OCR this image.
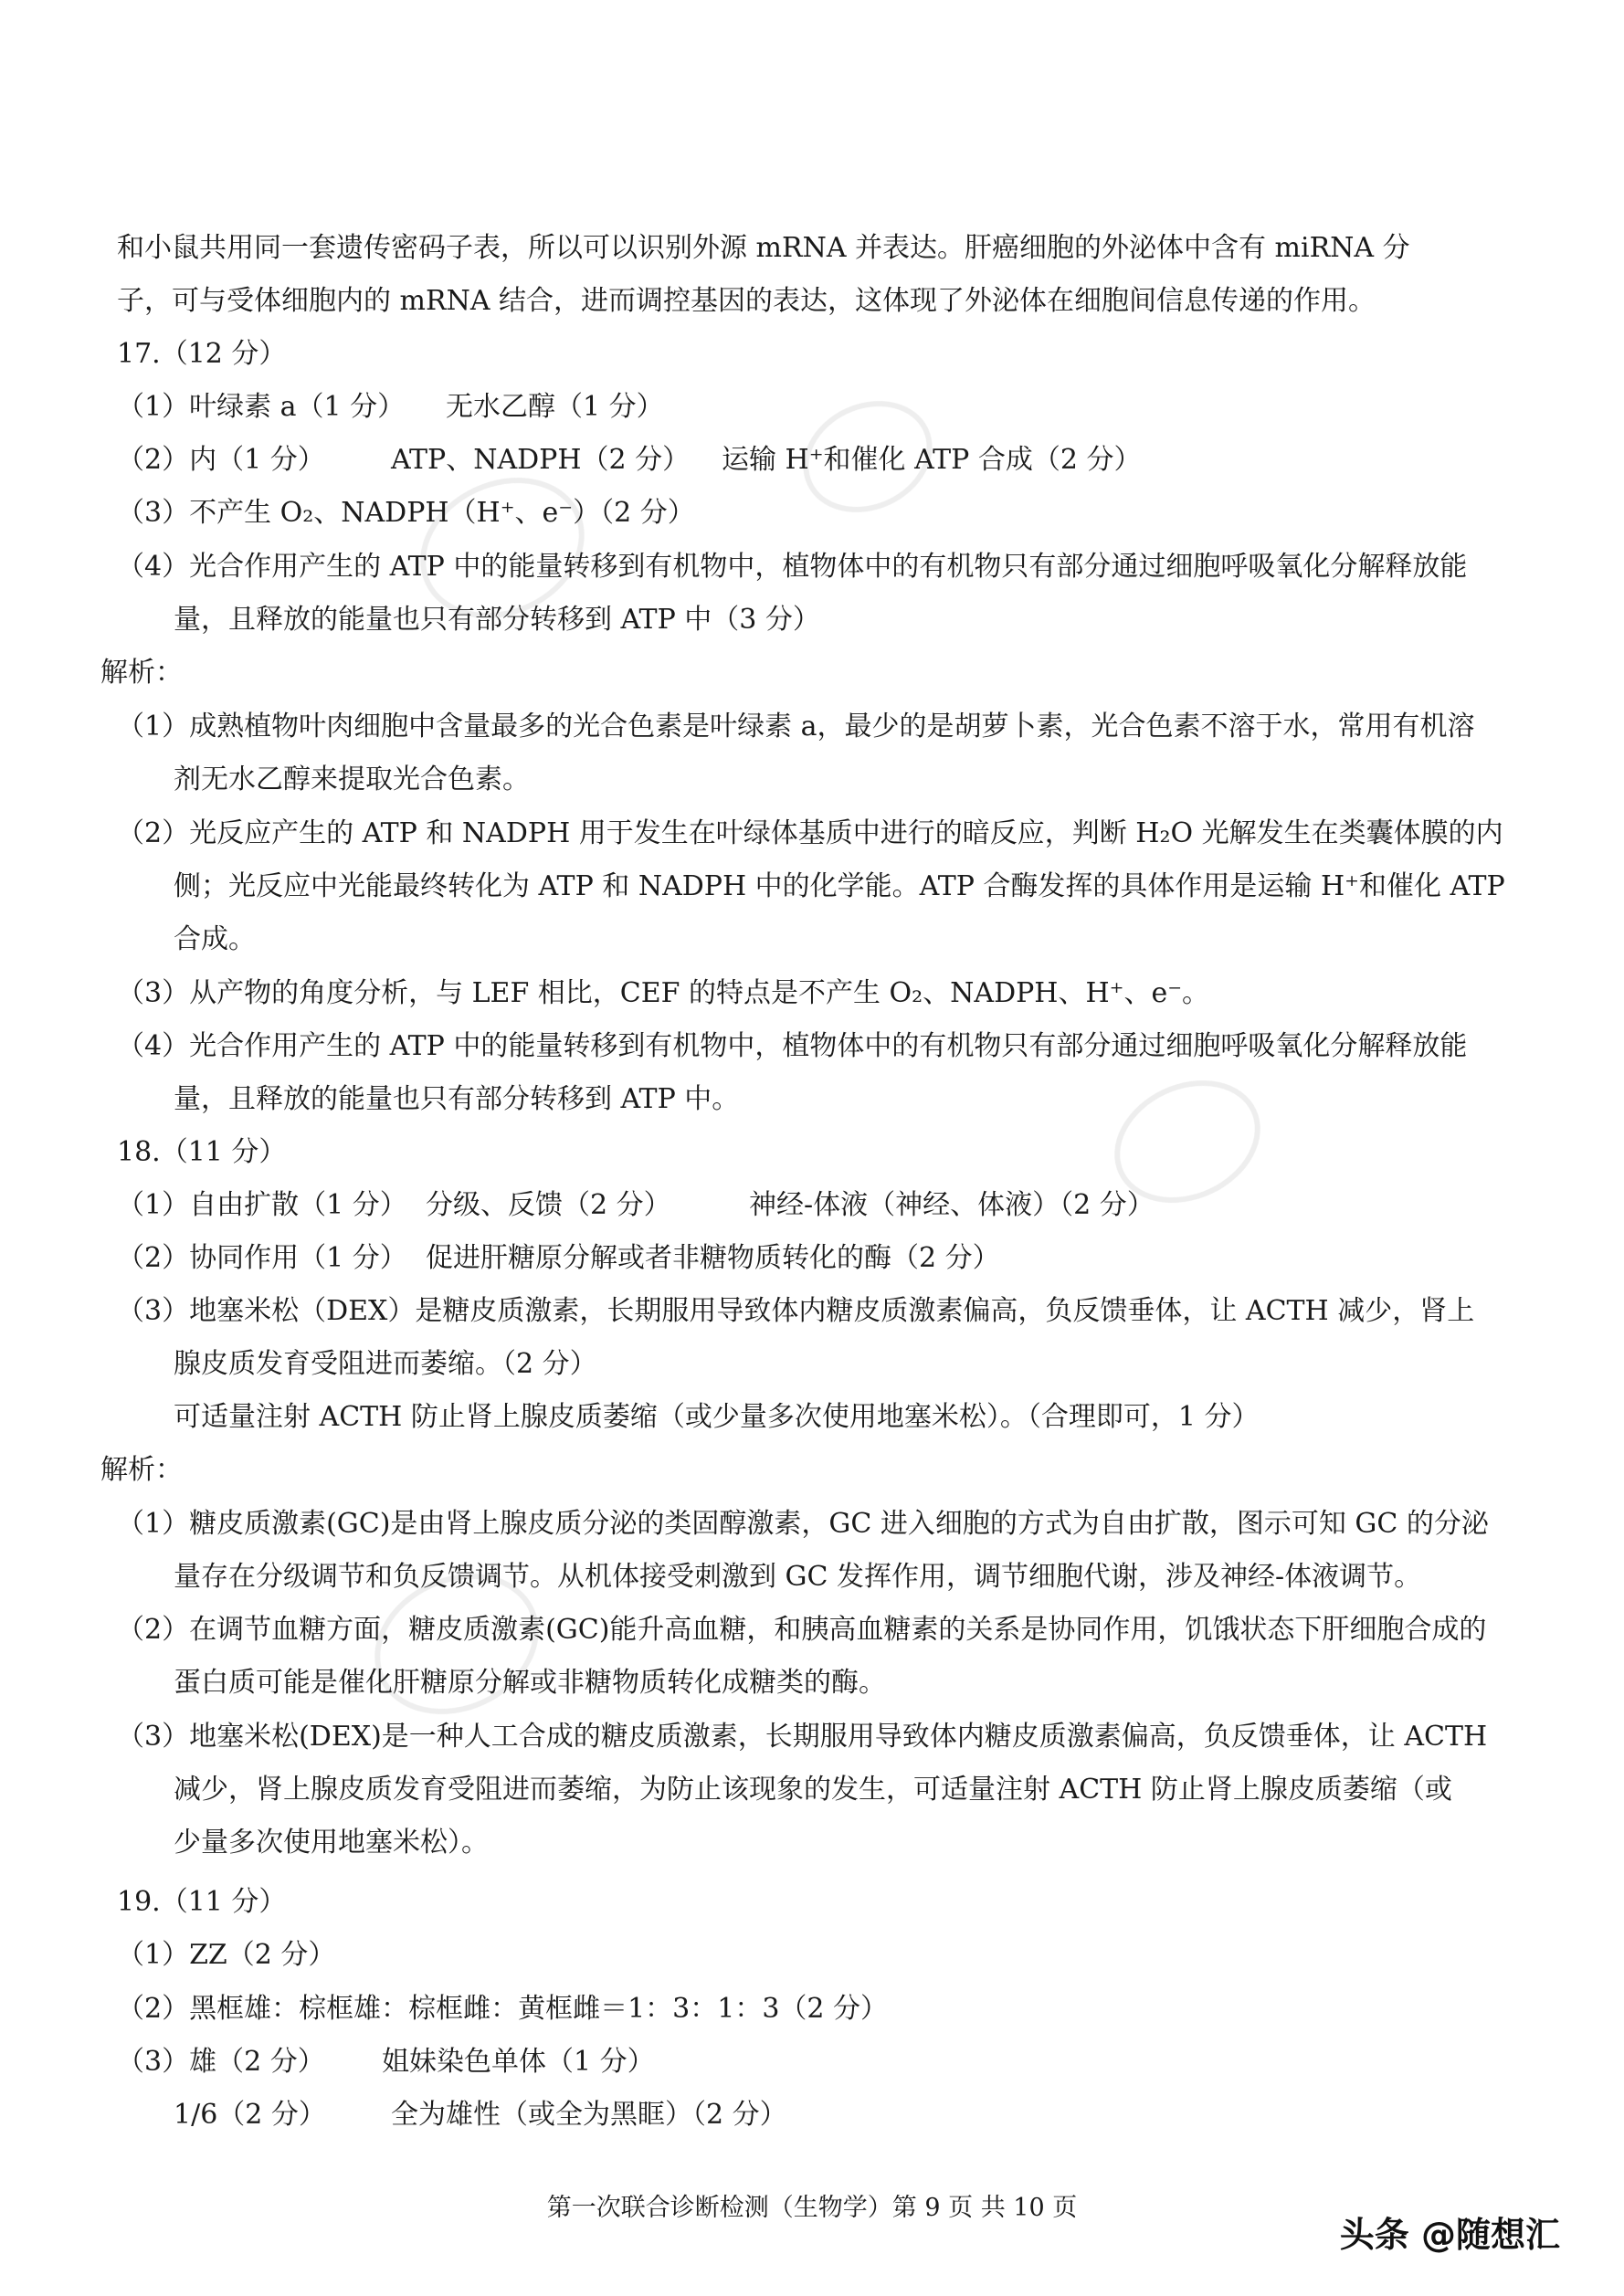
和小鼠共用同一套遗传密码子表，所以可以识别外源 mRNA 并表达。肝癌细胞的外泌体中含有 miRNA 分
子，可与受体细胞内的 mRNA 结合，进而调控基因的表达，这体现了外泌体在细胞间信息传递的作用。
17.（12 分）
（1）叶绿素 a（1 分） 无水乙醇（1 分）
（2）内（1 分） ATP、NADPH（2 分） 运输 H⁺和催化 ATP 合成（2 分）
（3）不产生 O₂、NADPH（H⁺、e⁻）（2 分）
（4）光合作用产生的 ATP 中的能量转移到有机物中，植物体中的有机物只有部分通过细胞呼吸氧化分解释放能
量，且释放的能量也只有部分转移到 ATP 中（3 分）
解析：
（1）成熟植物叶肉细胞中含量最多的光合色素是叶绿素 a，最少的是胡萝卜素，光合色素不溶于水，常用有机溶
剂无水乙醇来提取光合色素。
（2）光反应产生的 ATP 和 NADPH 用于发生在叶绿体基质中进行的暗反应，判断 H₂O 光解发生在类囊体膜的内
侧；光反应中光能最终转化为 ATP 和 NADPH 中的化学能。ATP 合酶发挥的具体作用是运输 H⁺和催化 ATP
合成。
（3）从产物的角度分析，与 LEF 相比，CEF 的特点是不产生 O₂、NADPH、H⁺、e⁻。
（4）光合作用产生的 ATP 中的能量转移到有机物中，植物体中的有机物只有部分通过细胞呼吸氧化分解释放能
量，且释放的能量也只有部分转移到 ATP 中。
18.（11 分）
（1）自由扩散（1 分） 分级、反馈（2 分）	神经-体液（神经、体液）（2 分）
（2）协同作用（1 分） 促进肝糖原分解或者非糖物质转化的酶（2 分）
（3）地塞米松（DEX）是糖皮质激素，长期服用导致体内糖皮质激素偏高，负反馈垂体，让 ACTH 减少，肾上
腺皮质发育受阻进而萎缩。（2 分）
可适量注射 ACTH 防止肾上腺皮质萎缩（或少量多次使用地塞米松）。（合理即可，1 分）
解析：
（1）糖皮质激素(GC)是由肾上腺皮质分泌的类固醇激素，GC 进入细胞的方式为自由扩散，图示可知 GC 的分泌
量存在分级调节和负反馈调节。从机体接受刺激到 GC 发挥作用，调节细胞代谢，涉及神经-体液调节。
（2）在调节血糖方面，糖皮质激素(GC)能升高血糖，和胰高血糖素的关系是协同作用，饥饿状态下肝细胞合成的
蛋白质可能是催化肝糖原分解或非糖物质转化成糖类的酶。
（3）地塞米松(DEX)是一种人工合成的糖皮质激素，长期服用导致体内糖皮质激素偏高，负反馈垂体，让 ACTH
减少，肾上腺皮质发育受阻进而萎缩，为防止该现象的发生，可适量注射 ACTH 防止肾上腺皮质萎缩（或
少量多次使用地塞米松）。
19.（11 分）
（1）ZZ（2 分）
（2）黑框雄：棕框雄：棕框雌：黄框雌＝1：3：1：3（2 分）
（3）雄（2 分） 姐妹染色单体（1 分）
1/6（2 分） 全为雄性（或全为黑眶）（2 分）
第一次联合诊断检测（生物学）第 9 页 共 10 页
头条 @随想汇
